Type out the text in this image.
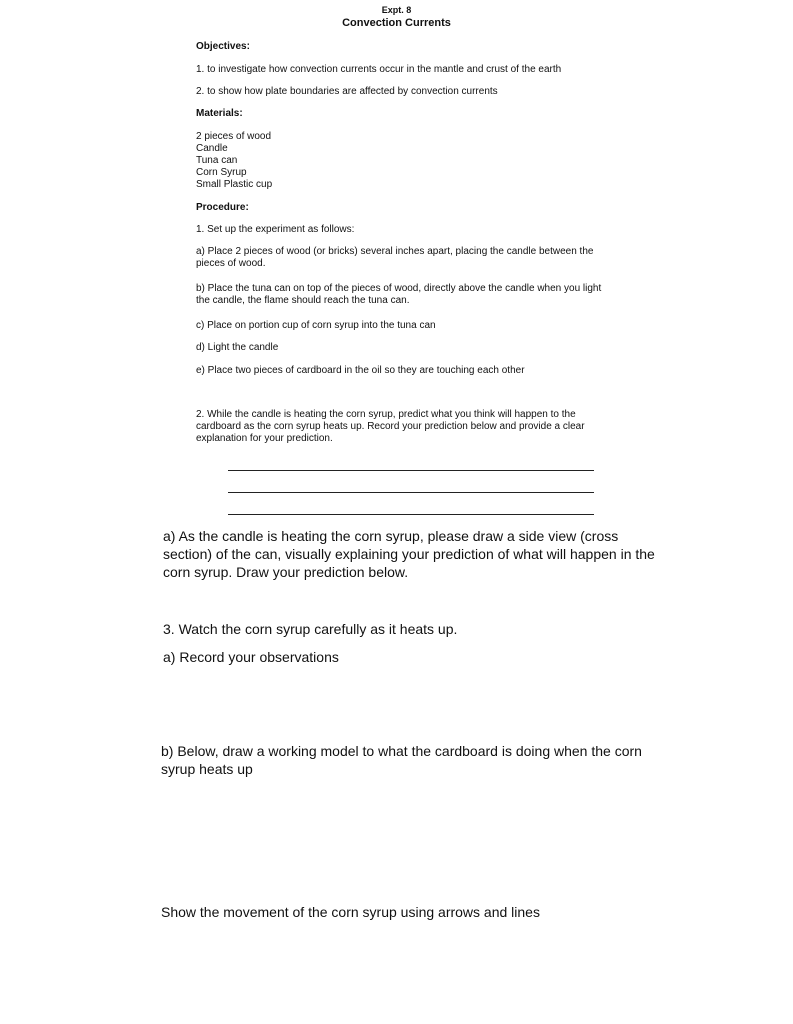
Expt. 8
Convection Currents
Objectives:
1. to investigate how convection currents occur in the mantle and crust of the earth
2. to show how plate boundaries are affected by convection currents
Materials:
2 pieces of wood
Candle
Tuna can
Corn Syrup
Small Plastic cup
Procedure:
1. Set up the experiment as follows:
a) Place 2 pieces of wood (or bricks) several inches apart, placing the candle between the pieces of wood.
b) Place the tuna can on top of the pieces of wood, directly above the candle when you light the candle, the flame should reach the tuna can.
c) Place on portion cup of corn syrup into the tuna can
d) Light the candle
e) Place two pieces of cardboard in the oil so they are touching each other
2. While the candle is heating the corn syrup, predict what you think will happen to the cardboard as the corn syrup heats up. Record your prediction below and provide a clear explanation for your prediction.
a) As the candle is heating the corn syrup, please draw a side view (cross section) of the can, visually explaining your prediction of what will happen in the corn syrup. Draw your prediction below.
3. Watch the corn syrup carefully as it heats up.
a) Record your observations
b) Below, draw a working model to what the cardboard is doing when the corn syrup heats up
Show the movement of the corn syrup using arrows and lines
